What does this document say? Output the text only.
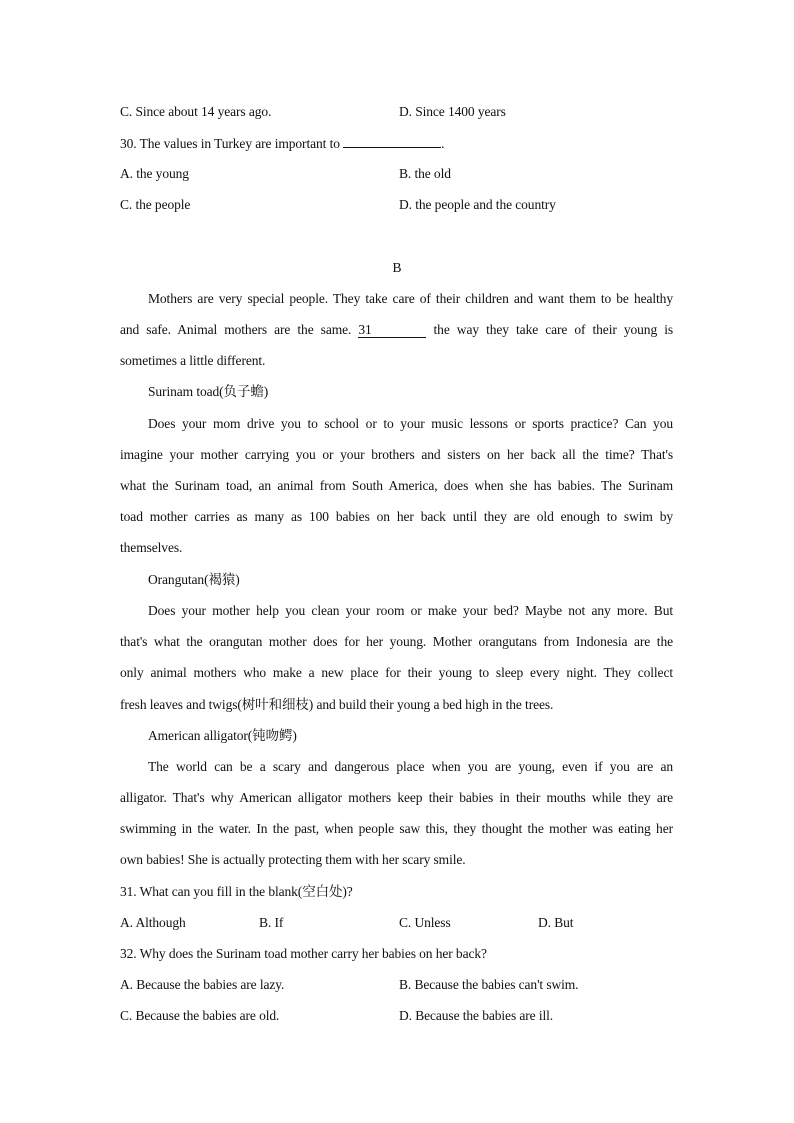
C. Since about 14 years ago.	D. Since 1400 years
30. The values in Turkey are important to	.
A. the young	B. the old
C. the people	D. the people and the country
B
Mothers are very special people. They take care of their children and want them to be healthy
and safe. Animal mothers are the same. 31	the way they take care of their young is
sometimes a little different.
Surinam toad(负子蟾)
Does your mom drive you to school or to your music lessons or sports practice? Can you
imagine your mother carrying you or your brothers and sisters on her back all the time? That's
what the Surinam toad, an animal from South America, does when she has babies. The Surinam
toad mother carries as many as 100 babies on her back until they are old enough to swim by
themselves.
Orangutan(褐猿)
Does your mother help you clean your room or make your bed? Maybe not any more. But
that's what the orangutan mother does for her young. Mother orangutans from Indonesia are the
only animal mothers who make a new place for their young to sleep every night. They collect
fresh leaves and twigs(树叶和细枝) and build their young a bed high in the trees.
American alligator(钝吻鳄)
The world can be a scary and dangerous place when you are young, even if you are an
alligator. That's why American alligator mothers keep their babies in their mouths while they are
swimming in the water. In the past, when people saw this, they thought the mother was eating her
own babies! She is actually protecting them with her scary smile.
31. What can you fill in the blank(空白处)?
A. Although	B. If	C. Unless	D. But
32. Why does the Surinam toad mother carry her babies on her back?
A. Because the babies are lazy.	B. Because the babies can't swim.
C. Because the babies are old.	D. Because the babies are ill.
